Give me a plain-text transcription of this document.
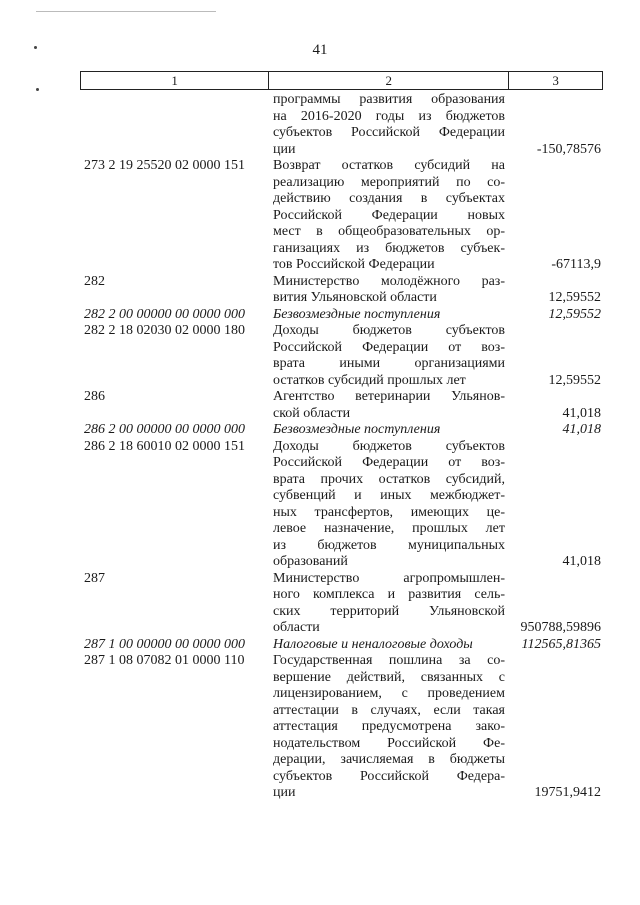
41
1	2	3
программы развития образования
на 2016-2020 годы из бюджетов
субъектов Российской Федерации
ции	-150,78576
273 2 19 25520 02 0000 151	Возврат остатков субсидий на
реализацию мероприятий по со-
действию создания в субъектах
Российской Федерации новых
мест в общеобразовательных ор-
ганизациях из бюджетов субъек-
тов Российской Федерации	-67113,9
282	Министерство молодёжного раз-
вития Ульяновской области	12,59552
282 2 00 00000 00 0000 000	Безвозмездные поступления	12,59552
282 2 18 02030 02 0000 180	Доходы бюджетов субъектов
Российской Федерации от воз-
врата иными организациями
остатков субсидий прошлых лет	12,59552
286	Агентство ветеринарии Ульянов-
ской области	41,018
286 2 00 00000 00 0000 000	Безвозмездные поступления	41,018
286 2 18 60010 02 0000 151	Доходы бюджетов субъектов
Российской Федерации от воз-
врата прочих остатков субсидий,
субвенций и иных межбюджет-
ных трансфертов, имеющих це-
левое назначение, прошлых лет
из бюджетов муниципальных
образований	41,018
287	Министерство агропромышлен-
ного комплекса и развития сель-
ских территорий Ульяновской
области	950788,59896
287 1 00 00000 00 0000 000	Налоговые и неналоговые доходы	112565,81365
287 1 08 07082 01 0000 110	Государственная пошлина за со-
вершение действий, связанных с
лицензированием, с проведением
аттестации в случаях, если такая
аттестация предусмотрена зако-
нодательством Российской Фе-
дерации, зачисляемая в бюджеты
субъектов Российской Федера-
ции	19751,9412
